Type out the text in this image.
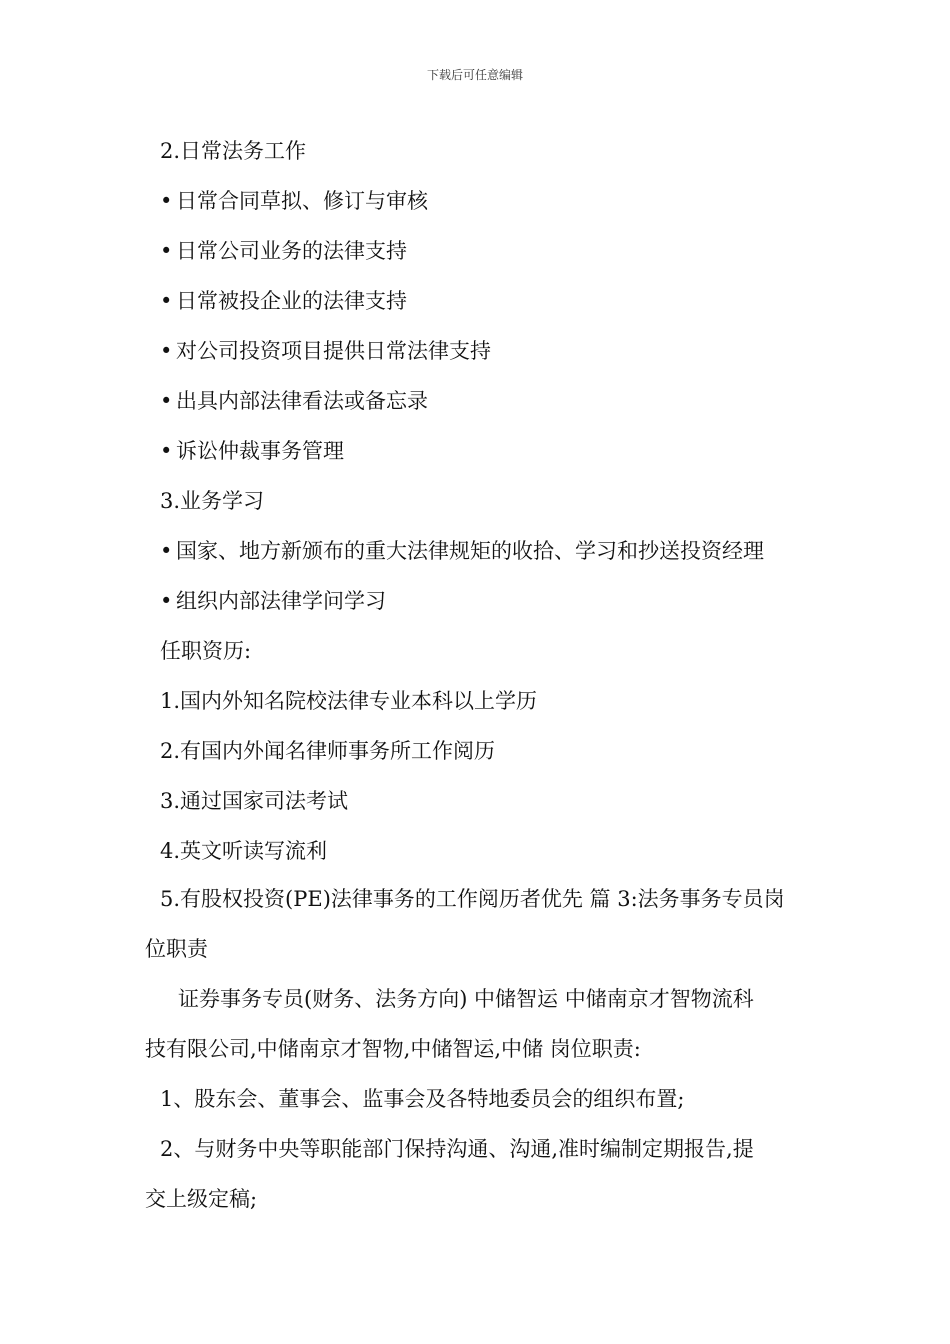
下载后可任意编辑
2.日常法务工作
• 日常合同草拟、修订与审核
• 日常公司业务的法律支持
• 日常被投企业的法律支持
• 对公司投资项目提供日常法律支持
• 出具内部法律看法或备忘录
• 诉讼仲裁事务管理
3.业务学习
• 国家、地方新颁布的重大法律规矩的收拾、学习和抄送投资经理
• 组织内部法律学问学习
任职资历:
1.国内外知名院校法律专业本科以上学历
2.有国内外闻名律师事务所工作阅历
3.通过国家司法考试
4.英文听读写流利
5.有股权投资(PE)法律事务的工作阅历者优先 篇 3:法务事务专员岗
位职责
证券事务专员(财务、法务方向) 中储智运 中储南京才智物流科
技有限公司,中储南京才智物,中储智运,中储 岗位职责:
1、股东会、董事会、监事会及各特地委员会的组织布置;
2、与财务中央等职能部门保持沟通、沟通,准时编制定期报告,提
交上级定稿;
